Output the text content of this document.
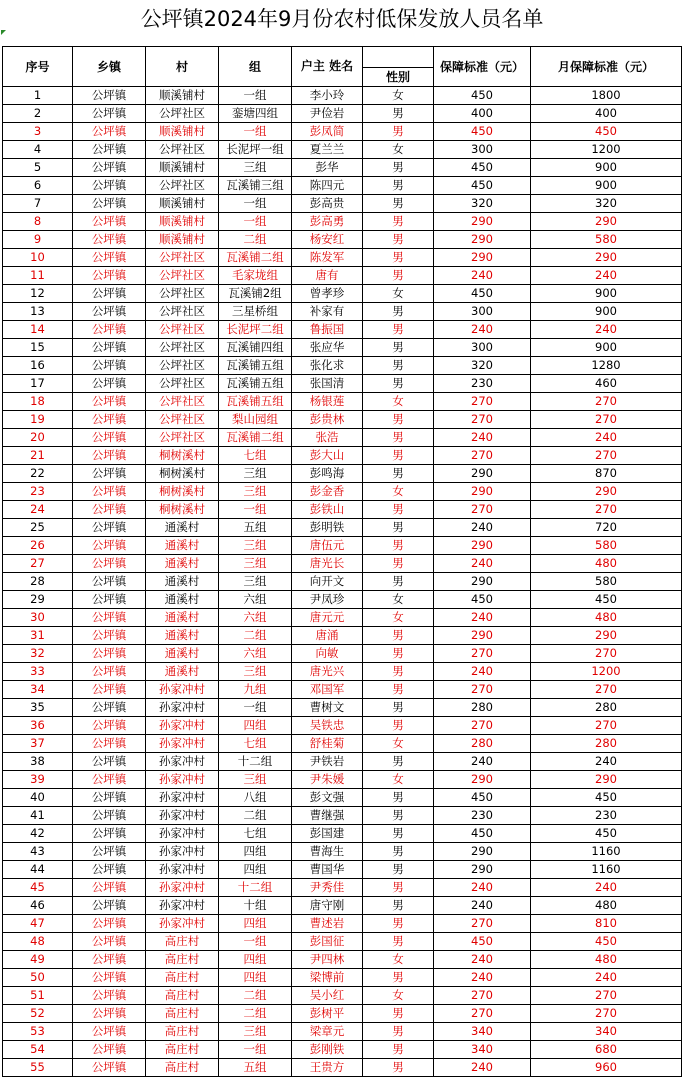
公坪镇2024年9月份农村低保发放人员名单
序号	乡镇	村	组	户主 姓名		保障标准（元）	月保障标准（元）
					性别		
1	公坪镇	顺溪铺村	一组	李小玲	女	450	1800
2	公坪镇	公坪社区	銮塘四组	尹俭岩	男	400	400
3	公坪镇	顺溪铺村	一组	彭凤简	男	450	450
4	公坪镇	公坪社区	长泥坪一组	夏兰兰	女	300	1200
5	公坪镇	顺溪铺村	三组	彭华	男	450	900
6	公坪镇	公坪社区	瓦溪铺三组	陈四元	男	450	900
7	公坪镇	顺溪铺村	一组	彭高贵	男	320	320
8	公坪镇	顺溪铺村	一组	彭高勇	男	290	290
9	公坪镇	顺溪铺村	二组	杨安红	男	290	580
10	公坪镇	公坪社区	瓦溪铺二组	陈发军	男	290	290
11	公坪镇	公坪社区	毛家垅组	唐有	男	240	240
12	公坪镇	公坪社区	瓦溪铺2组	曾孝珍	女	450	900
13	公坪镇	公坪社区	三星桥组	补家有	男	300	900
14	公坪镇	公坪社区	长泥坪二组	鲁振国	男	240	240
15	公坪镇	公坪社区	瓦溪铺四组	张应华	男	300	900
16	公坪镇	公坪社区	瓦溪铺五组	张化求	男	320	1280
17	公坪镇	公坪社区	瓦溪铺五组	张国清	男	230	460
18	公坪镇	公坪社区	瓦溪铺五组	杨银莲	女	270	270
19	公坪镇	公坪社区	梨山园组	彭贵林	男	270	270
20	公坪镇	公坪社区	瓦溪铺二组	张浩	男	240	240
21	公坪镇	桐树溪村	七组	彭大山	男	270	270
22	公坪镇	桐树溪村	三组	彭鸣海	男	290	870
23	公坪镇	桐树溪村	三组	彭金香	女	290	290
24	公坪镇	桐树溪村	一组	彭铁山	男	270	270
25	公坪镇	通溪村	五组	彭明铁	男	240	720
26	公坪镇	通溪村	三组	唐伍元	男	290	580
27	公坪镇	通溪村	三组	唐光长	男	240	480
28	公坪镇	通溪村	三组	向开文	男	290	580
29	公坪镇	通溪村	六组	尹凤珍	女	450	450
30	公坪镇	通溪村	六组	唐元元	女	240	480
31	公坪镇	通溪村	二组	唐涌	男	290	290
32	公坪镇	通溪村	六组	向敏	男	270	270
33	公坪镇	通溪村	三组	唐光兴	男	240	1200
34	公坪镇	孙家冲村	九组	邓国军	男	270	270
35	公坪镇	孙家冲村	一组	曹树文	男	280	280
36	公坪镇	孙家冲村	四组	吴铁忠	男	270	270
37	公坪镇	孙家冲村	七组	舒桂菊	女	280	280
38	公坪镇	孙家冲村	十二组	尹铁岩	男	240	240
39	公坪镇	孙家冲村	三组	尹朱媛	女	290	290
40	公坪镇	孙家冲村	八组	彭文强	男	450	450
41	公坪镇	孙家冲村	二组	曹继强	男	230	230
42	公坪镇	孙家冲村	七组	彭国建	男	450	450
43	公坪镇	孙家冲村	四组	曹海生	男	290	1160
44	公坪镇	孙家冲村	四组	曹国华	男	290	1160
45	公坪镇	孙家冲村	十二组	尹秀佳	男	240	240
46	公坪镇	孙家冲村	十组	唐守刚	男	240	480
47	公坪镇	孙家冲村	四组	曹述岩	男	270	810
48	公坪镇	高庄村	一组	彭国征	男	450	450
49	公坪镇	高庄村	四组	尹四林	女	240	480
50	公坪镇	高庄村	四组	梁博前	男	240	240
51	公坪镇	高庄村	二组	吴小红	女	270	270
52	公坪镇	高庄村	二组	彭树平	男	270	270
53	公坪镇	高庄村	三组	梁章元	男	340	340
54	公坪镇	高庄村	一组	彭刚铁	男	340	680
55	公坪镇	高庄村	五组	王贵方	男	240	960
